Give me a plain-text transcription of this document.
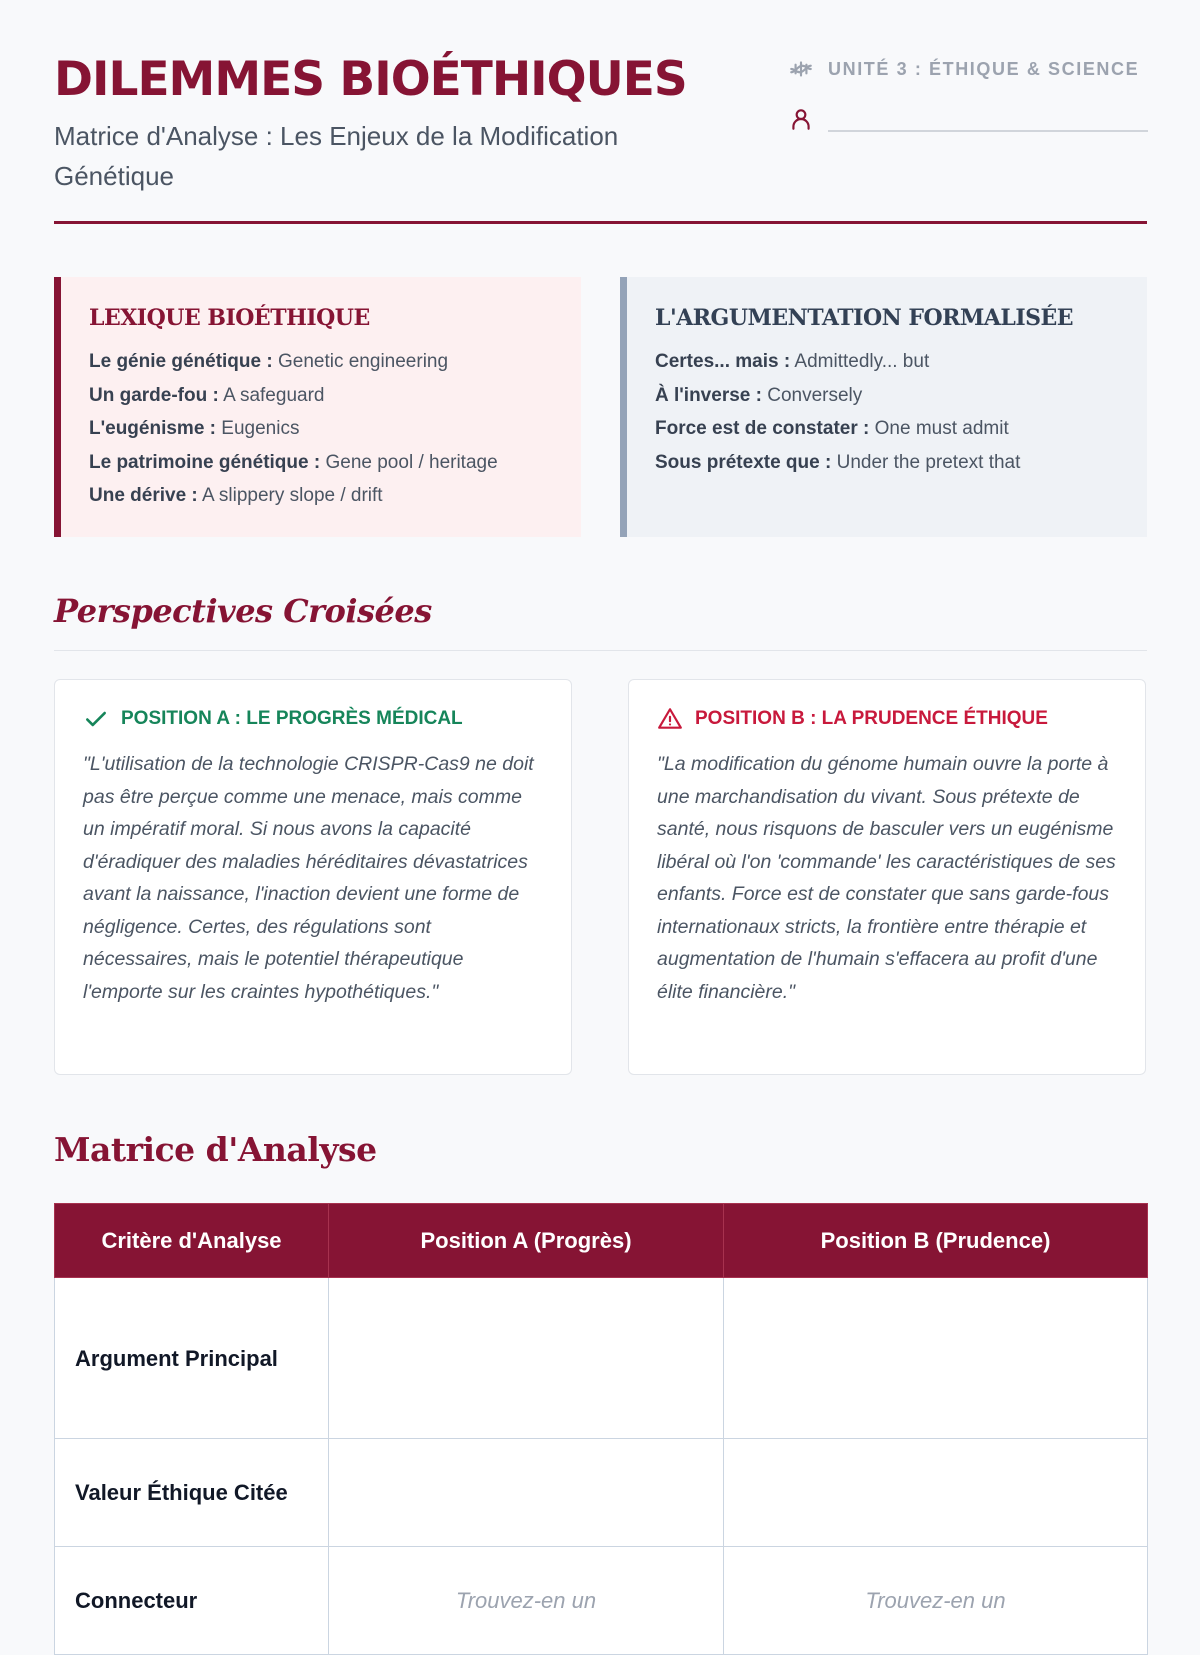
DILEMMES BIOÉTHIQUES
Matrice d'Analyse : Les Enjeux de la Modification Génétique
UNITÉ 3 : ÉTHIQUE & SCIENCE
LEXIQUE BIOÉTHIQUE
Le génie génétique : Genetic engineering
Un garde-fou : A safeguard
L'eugénisme : Eugenics
Le patrimoine génétique : Gene pool / heritage
Une dérive : A slippery slope / drift
L'ARGUMENTATION FORMALISÉE
Certes... mais : Admittedly... but
À l'inverse : Conversely
Force est de constater : One must admit
Sous prétexte que : Under the pretext that
Perspectives Croisées
POSITION A : LE PROGRÈS MÉDICAL

"L'utilisation de la technologie CRISPR-Cas9 ne doit pas être perçue comme une menace, mais comme un impératif moral. Si nous avons la capacité d'éradiquer des maladies héréditaires dévastatrices avant la naissance, l'inaction devient une forme de négligence. Certes, des régulations sont nécessaires, mais le potentiel thérapeutique l'emporte sur les craintes hypothétiques."

POSITION B : LA PRUDENCE ÉTHIQUE

"La modification du génome humain ouvre la porte à une marchandisation du vivant. Sous prétexte de santé, nous risquons de basculer vers un eugénisme libéral où l'on 'commande' les caractéristiques de ses enfants. Force est de constater que sans garde-fous internationaux stricts, la frontière entre thérapie et augmentation de l'humain s'effacera au profit d'une élite financière."

Matrice d'Analyse
Critère d'Analyse	Position A (Progrès)	Position B (Prudence)
Argument Principal		
Valeur Éthique Citée		
Connecteur	Trouvez-en un	Trouvez-en un
